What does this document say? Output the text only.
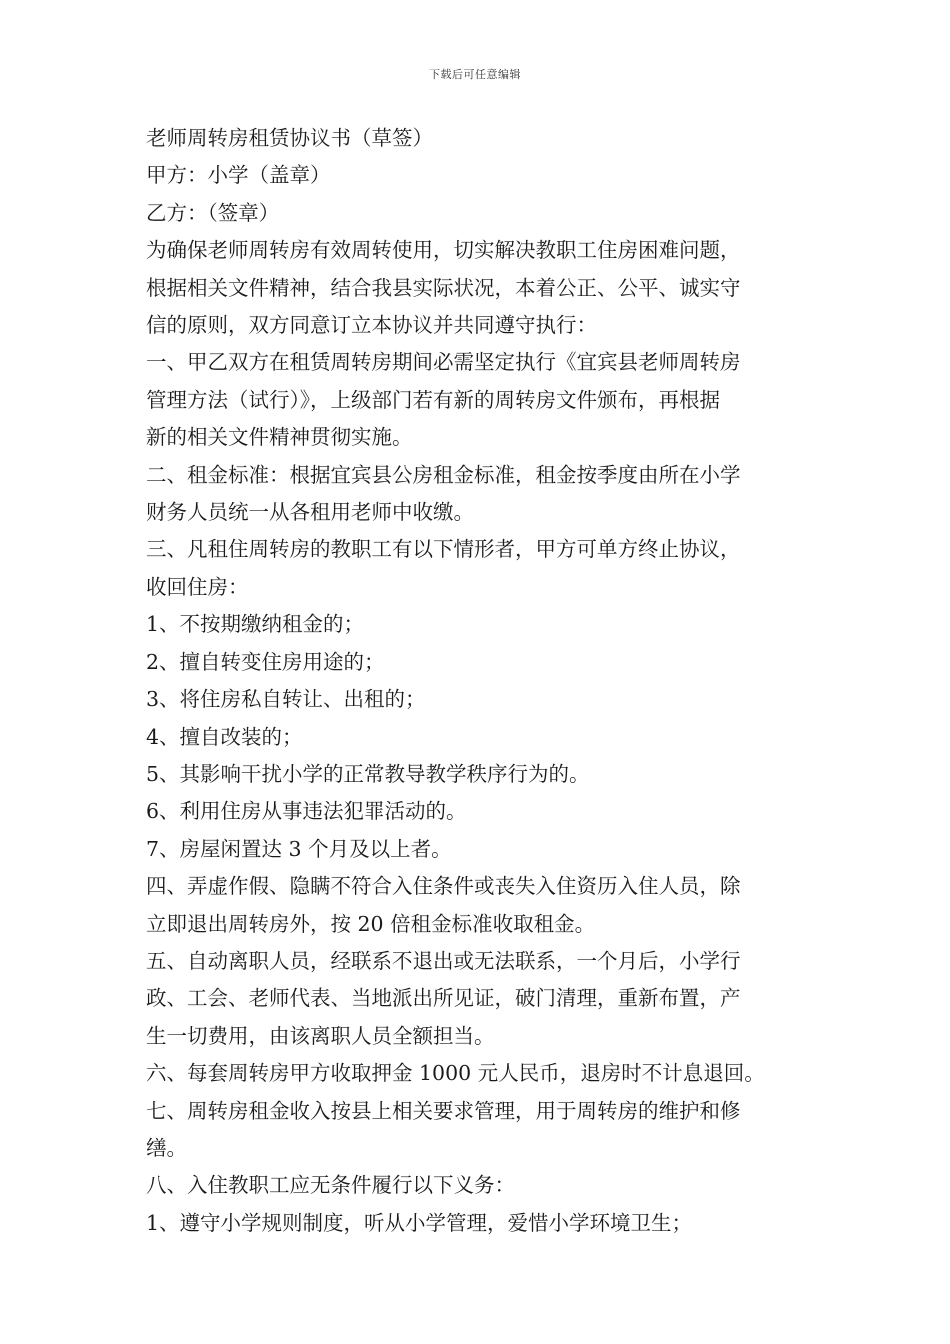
下载后可任意编辑
老师周转房租赁协议书（草签）
甲方：小学（盖章）
乙方：（签章）
为确保老师周转房有效周转使用，切实解决教职工住房困难问题，
根据相关文件精神，结合我县实际状况，本着公正、公平、诚实守
信的原则，双方同意订立本协议并共同遵守执行：
一、甲乙双方在租赁周转房期间必需坚定执行《宜宾县老师周转房
管理方法（试行）》，上级部门若有新的周转房文件颁布，再根据
新的相关文件精神贯彻实施。
二、租金标准：根据宜宾县公房租金标准，租金按季度由所在小学
财务人员统一从各租用老师中收缴。
三、凡租住周转房的教职工有以下情形者，甲方可单方终止协议，
收回住房：
1、不按期缴纳租金的；
2、擅自转变住房用途的；
3、将住房私自转让、出租的；
4、擅自改装的；
5、其影响干扰小学的正常教导教学秩序行为的。
6、利用住房从事违法犯罪活动的。
7、房屋闲置达 3 个月及以上者。
四、弄虚作假、隐瞒不符合入住条件或丧失入住资历入住人员，除
立即退出周转房外，按 20 倍租金标准收取租金。
五、自动离职人员，经联系不退出或无法联系，一个月后，小学行
政、工会、老师代表、当地派出所见证，破门清理，重新布置，产
生一切费用，由该离职人员全额担当。
六、每套周转房甲方收取押金 1000 元人民币，退房时不计息退回。
七、周转房租金收入按县上相关要求管理，用于周转房的维护和修
缮。
八、入住教职工应无条件履行以下义务：
1、遵守小学规则制度，听从小学管理，爱惜小学环境卫生；
